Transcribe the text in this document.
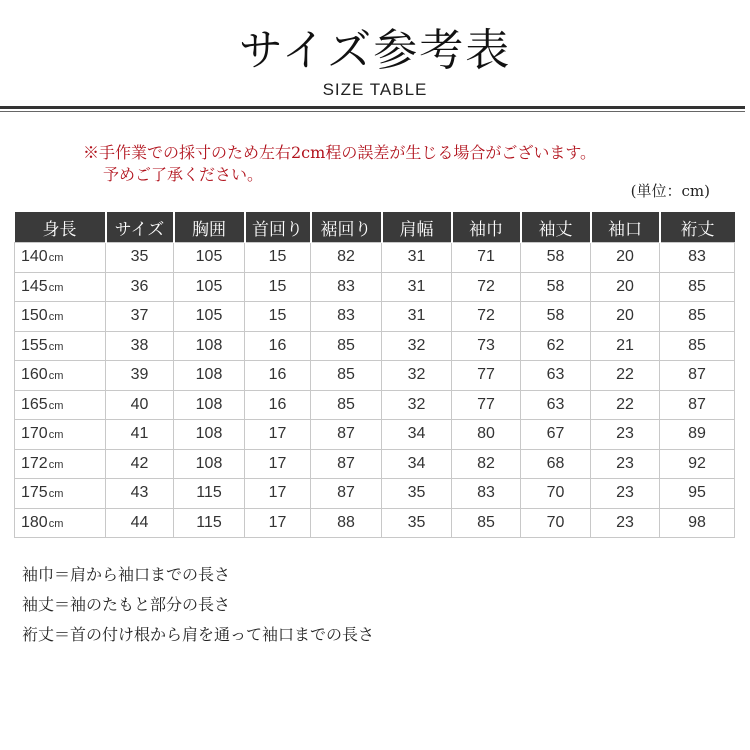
サイズ参考表
SIZE TABLE
※手作業での採寸のため左右2cm程の誤差が生じる場合がございます。
予めご了承ください。
(単位：cm)
身長	サイズ	胸囲	首回り	裾回り	肩幅	袖巾	袖丈	袖口	裄丈
140cm	35	105	15	82	31	71	58	20	83
145cm	36	105	15	83	31	72	58	20	85
150cm	37	105	15	83	31	72	58	20	85
155cm	38	108	16	85	32	73	62	21	85
160cm	39	108	16	85	32	77	63	22	87
165cm	40	108	16	85	32	77	63	22	87
170cm	41	108	17	87	34	80	67	23	89
172cm	42	108	17	87	34	82	68	23	92
175cm	43	115	17	87	35	83	70	23	95
180cm	44	115	17	88	35	85	70	23	98
袖巾＝肩から袖口までの長さ
袖丈＝袖のたもと部分の長さ
裄丈＝首の付け根から肩を通って袖口までの長さ
